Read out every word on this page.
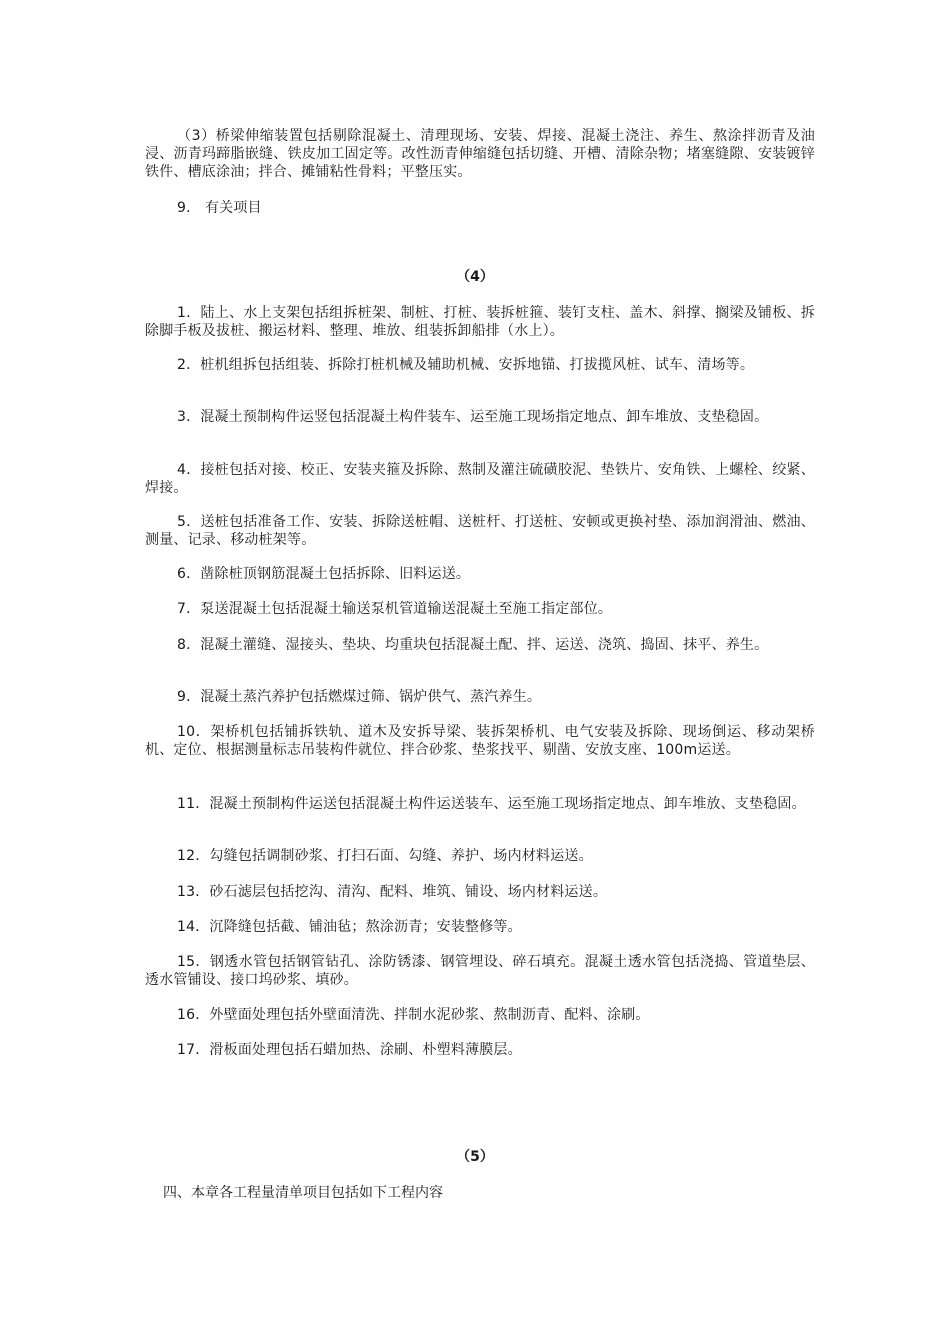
（3）桥梁伸缩装置包括剔除混凝土、清理现场、安装、焊接、混凝土浇注、养生、熬涂拌沥青及油浸、沥青玛蹄脂嵌缝、铁皮加工固定等。改性沥青伸缩缝包括切缝、开槽、清除杂物；堵塞缝隙、安装镀锌铁件、槽底涂油；拌合、摊铺粘性骨料；平整压实。

9． 有关项目

（4）

1．陆上、水上支架包括组拆桩架、制桩、打桩、装拆桩箍、装钉支柱、盖木、斜撑、搁梁及铺板、拆除脚手板及拔桩、搬运材料、整理、堆放、组装拆卸船排（水上）。

2．桩机组拆包括组装、拆除打桩机械及辅助机械、安拆地锚、打拔揽风桩、试车、清场等。

3．混凝土预制构件运竖包括混凝土构件装车、运至施工现场指定地点、卸车堆放、支垫稳固。

4．接桩包括对接、校正、安装夹箍及拆除、熬制及灌注硫磺胶泥、垫铁片、安角铁、上螺栓、绞紧、焊接。

5．送桩包括准备工作、安装、拆除送桩帽、送桩杆、打送桩、安顿或更换衬垫、添加润滑油、燃油、测量、记录、移动桩架等。

6．凿除桩顶钢筋混凝土包括拆除、旧料运送。

7．泵送混凝土包括混凝土输送泵机管道输送混凝土至施工指定部位。

8．混凝土灌缝、湿接头、垫块、均重块包括混凝土配、拌、运送、浇筑、捣固、抹平、养生。

9．混凝土蒸汽养护包括燃煤过筛、锅炉供气、蒸汽养生。

10．架桥机包括铺拆铁轨、道木及安拆导梁、装拆架桥机、电气安装及拆除、现场倒运、移动架桥机、定位、根据测量标志吊装构件就位、拌合砂浆、垫浆找平、剔凿、安放支座、100m运送。

11．混凝土预制构件运送包括混凝土构件运送装车、运至施工现场指定地点、卸车堆放、支垫稳固。

12．勾缝包括调制砂浆、打扫石面、勾缝、养护、场内材料运送。

13．砂石滤层包括挖沟、清沟、配料、堆筑、铺设、场内材料运送。

14．沉降缝包括截、铺油毡；熬涂沥青；安装整修等。

15．钢透水管包括钢管钻孔、涂防锈漆、钢管埋设、碎石填充。混凝土透水管包括浇捣、管道垫层、透水管铺设、接口坞砂浆、填砂。

16．外壁面处理包括外壁面清洗、拌制水泥砂浆、熬制沥青、配料、涂刷。

17．滑板面处理包括石蜡加热、涂刷、朴塑料薄膜层。

（5）

四、本章各工程量清单项目包括如下工程内容
